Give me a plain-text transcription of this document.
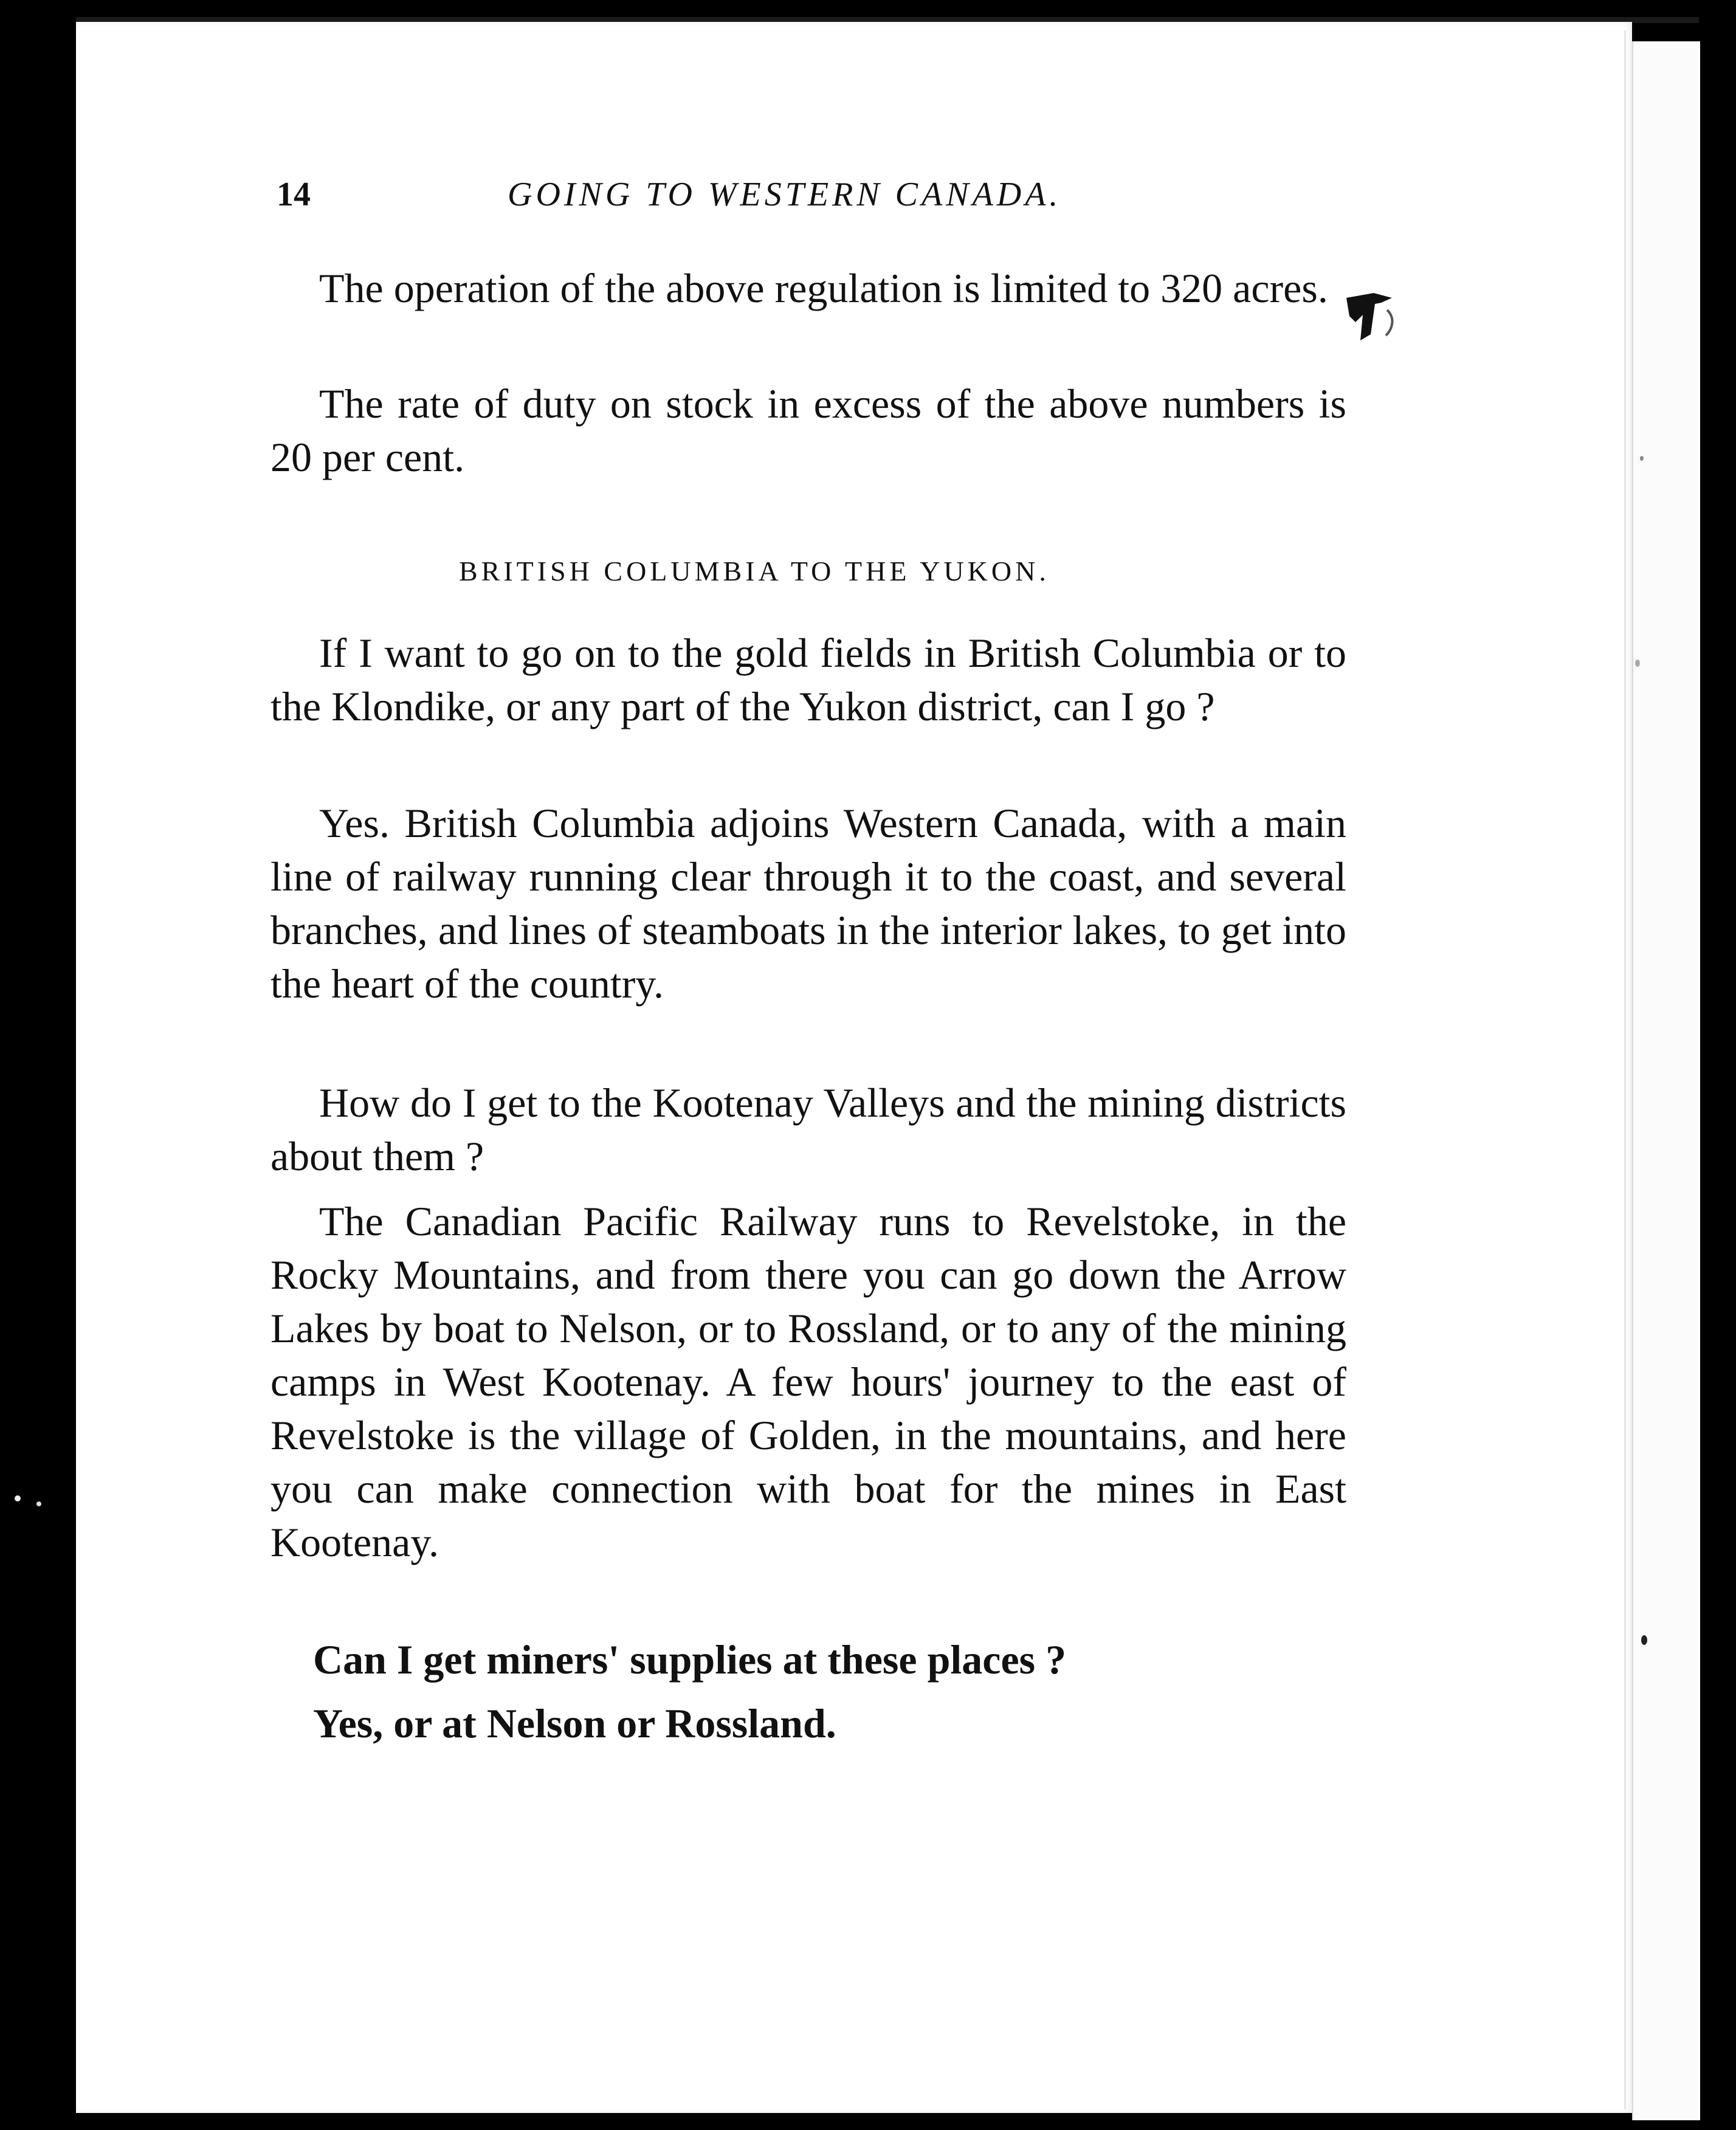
14	GOING TO WESTERN CANADA.
The operation of the above regulation is limited to 320 acres.
The rate of duty on stock in excess of the above numbers is 20 per cent.
BRITISH COLUMBIA TO THE YUKON.
If I want to go on to the gold fields in British Columbia or to the Klondike, or any part of the Yukon district, can I go ?
Yes. British Columbia adjoins Western Canada, with a main line of railway running clear through it to the coast, and several branches, and lines of steamboats in the interior lakes, to get into the heart of the country.
How do I get to the Kootenay Valleys and the mining districts about them ?
The Canadian Pacific Railway runs to Revelstoke, in the Rocky Mountains, and from there you can go down the Arrow Lakes by boat to Nelson, or to Rossland, or to any of the mining camps in West Kootenay. A few hours' journey to the east of Revelstoke is the village of Golden, in the mountains, and here you can make connection with boat for the mines in East Kootenay.
Can I get miners' supplies at these places ?
Yes, or at Nelson or Rossland.
